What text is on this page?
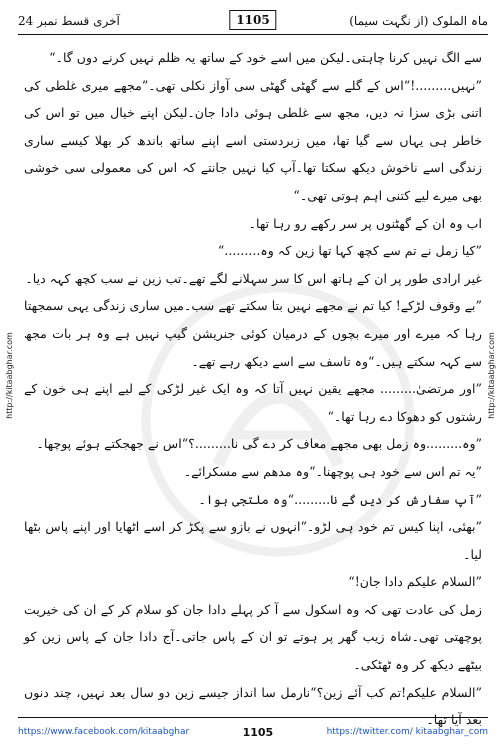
http://kitaabghar.com	http://kitaabghar.com
آخری قسط نمبر 24	1105	ماہ الملوک (از نگہت سیما)

سے الگ نہیں کرنا چاہتی۔لیکن میں اسے خود کے ساتھ یہ ظلم نہیں کرنے دوں گا۔“

”نہیں.........!“اس کے گلے سے گھٹی گھٹی سی آواز نکلی تھی۔”مجھے میری غلطی کی اتنی بڑی سزا نہ دیں، مجھ سے غلطی ہوئی دادا جان۔لیکن اپنے خیال میں تو اس کی خاطر ہی یہاں سے گیا تھا، میں زبردستی اسے اپنے ساتھ باندھ کر بھلا کیسے ساری زندگی اسے ناخوش دیکھ سکتا تھا۔آپ کیا نہیں جانتے کہ اس کی معمولی سی خوشی بھی میرے لیے کتنی اہم ہوتی تھی۔“

اب وہ ان کے گھٹنوں پر سر رکھے رو رہا تھا۔

”کیا زمل نے تم سے کچھ کہا تھا زین کہ وہ.........“

غیر ارادی طور پر ان کے ہاتھ اس کا سر سہلانے لگے تھے۔تب زین نے سب کچھ کہہ دیا۔

”بے وقوف لڑکے! کیا تم نے مجھے نہیں بتا سکتے تھے سب۔میں ساری زندگی یہی سمجھتا رہا کہ میرے اور میرے بچوں کے درمیان کوئی جنریشن گیپ نہیں ہے وہ ہر بات مجھ سے کہہ سکتے ہیں۔“وہ تاسف سے اسے دیکھ رہے تھے۔

”اور مرتضیٰ......... مجھے یقین نہیں آتا کہ وہ ایک غیر لڑکی کے لیے اپنے ہی خون کے رشتوں کو دھوکا دے رہا تھا۔“

”وہ.........وہ زمل بھی مجھے معاف کر دے گی نا.........؟“اس نے جھجکتے ہوئے پوچھا۔

”یہ تم اس سے خود ہی پوچھنا۔“وہ مدھم سے مسکرائے۔

”آپ سفارش کر دیں گے نا.........“وہ ملتجی ہوا۔

”بھئی، اپنا کیس تم خود ہی لڑو۔“انہوں نے بازو سے پکڑ کر اسے اٹھایا اور اپنے پاس بٹھا لیا۔

”السلام علیکم دادا جان!“

زمل کی عادت تھی کہ وہ اسکول سے آ کر پہلے دادا جان کو سلام کر کے ان کی خیریت پوچھتی تھی۔شاہ زیب گھر پر ہوتے تو ان کے پاس جاتی۔آج دادا جان کے پاس زین کو بیٹھے دیکھ کر وہ ٹھٹکی۔

”السلام علیکم!تم کب آئے زین؟“نارمل سا انداز جیسے زین دو سال بعد نہیں، چند دنوں بعد آیا تھا۔

https://www.facebook.com/kitaabghar	1105	https://twitter.com/ kitaabghar_com
